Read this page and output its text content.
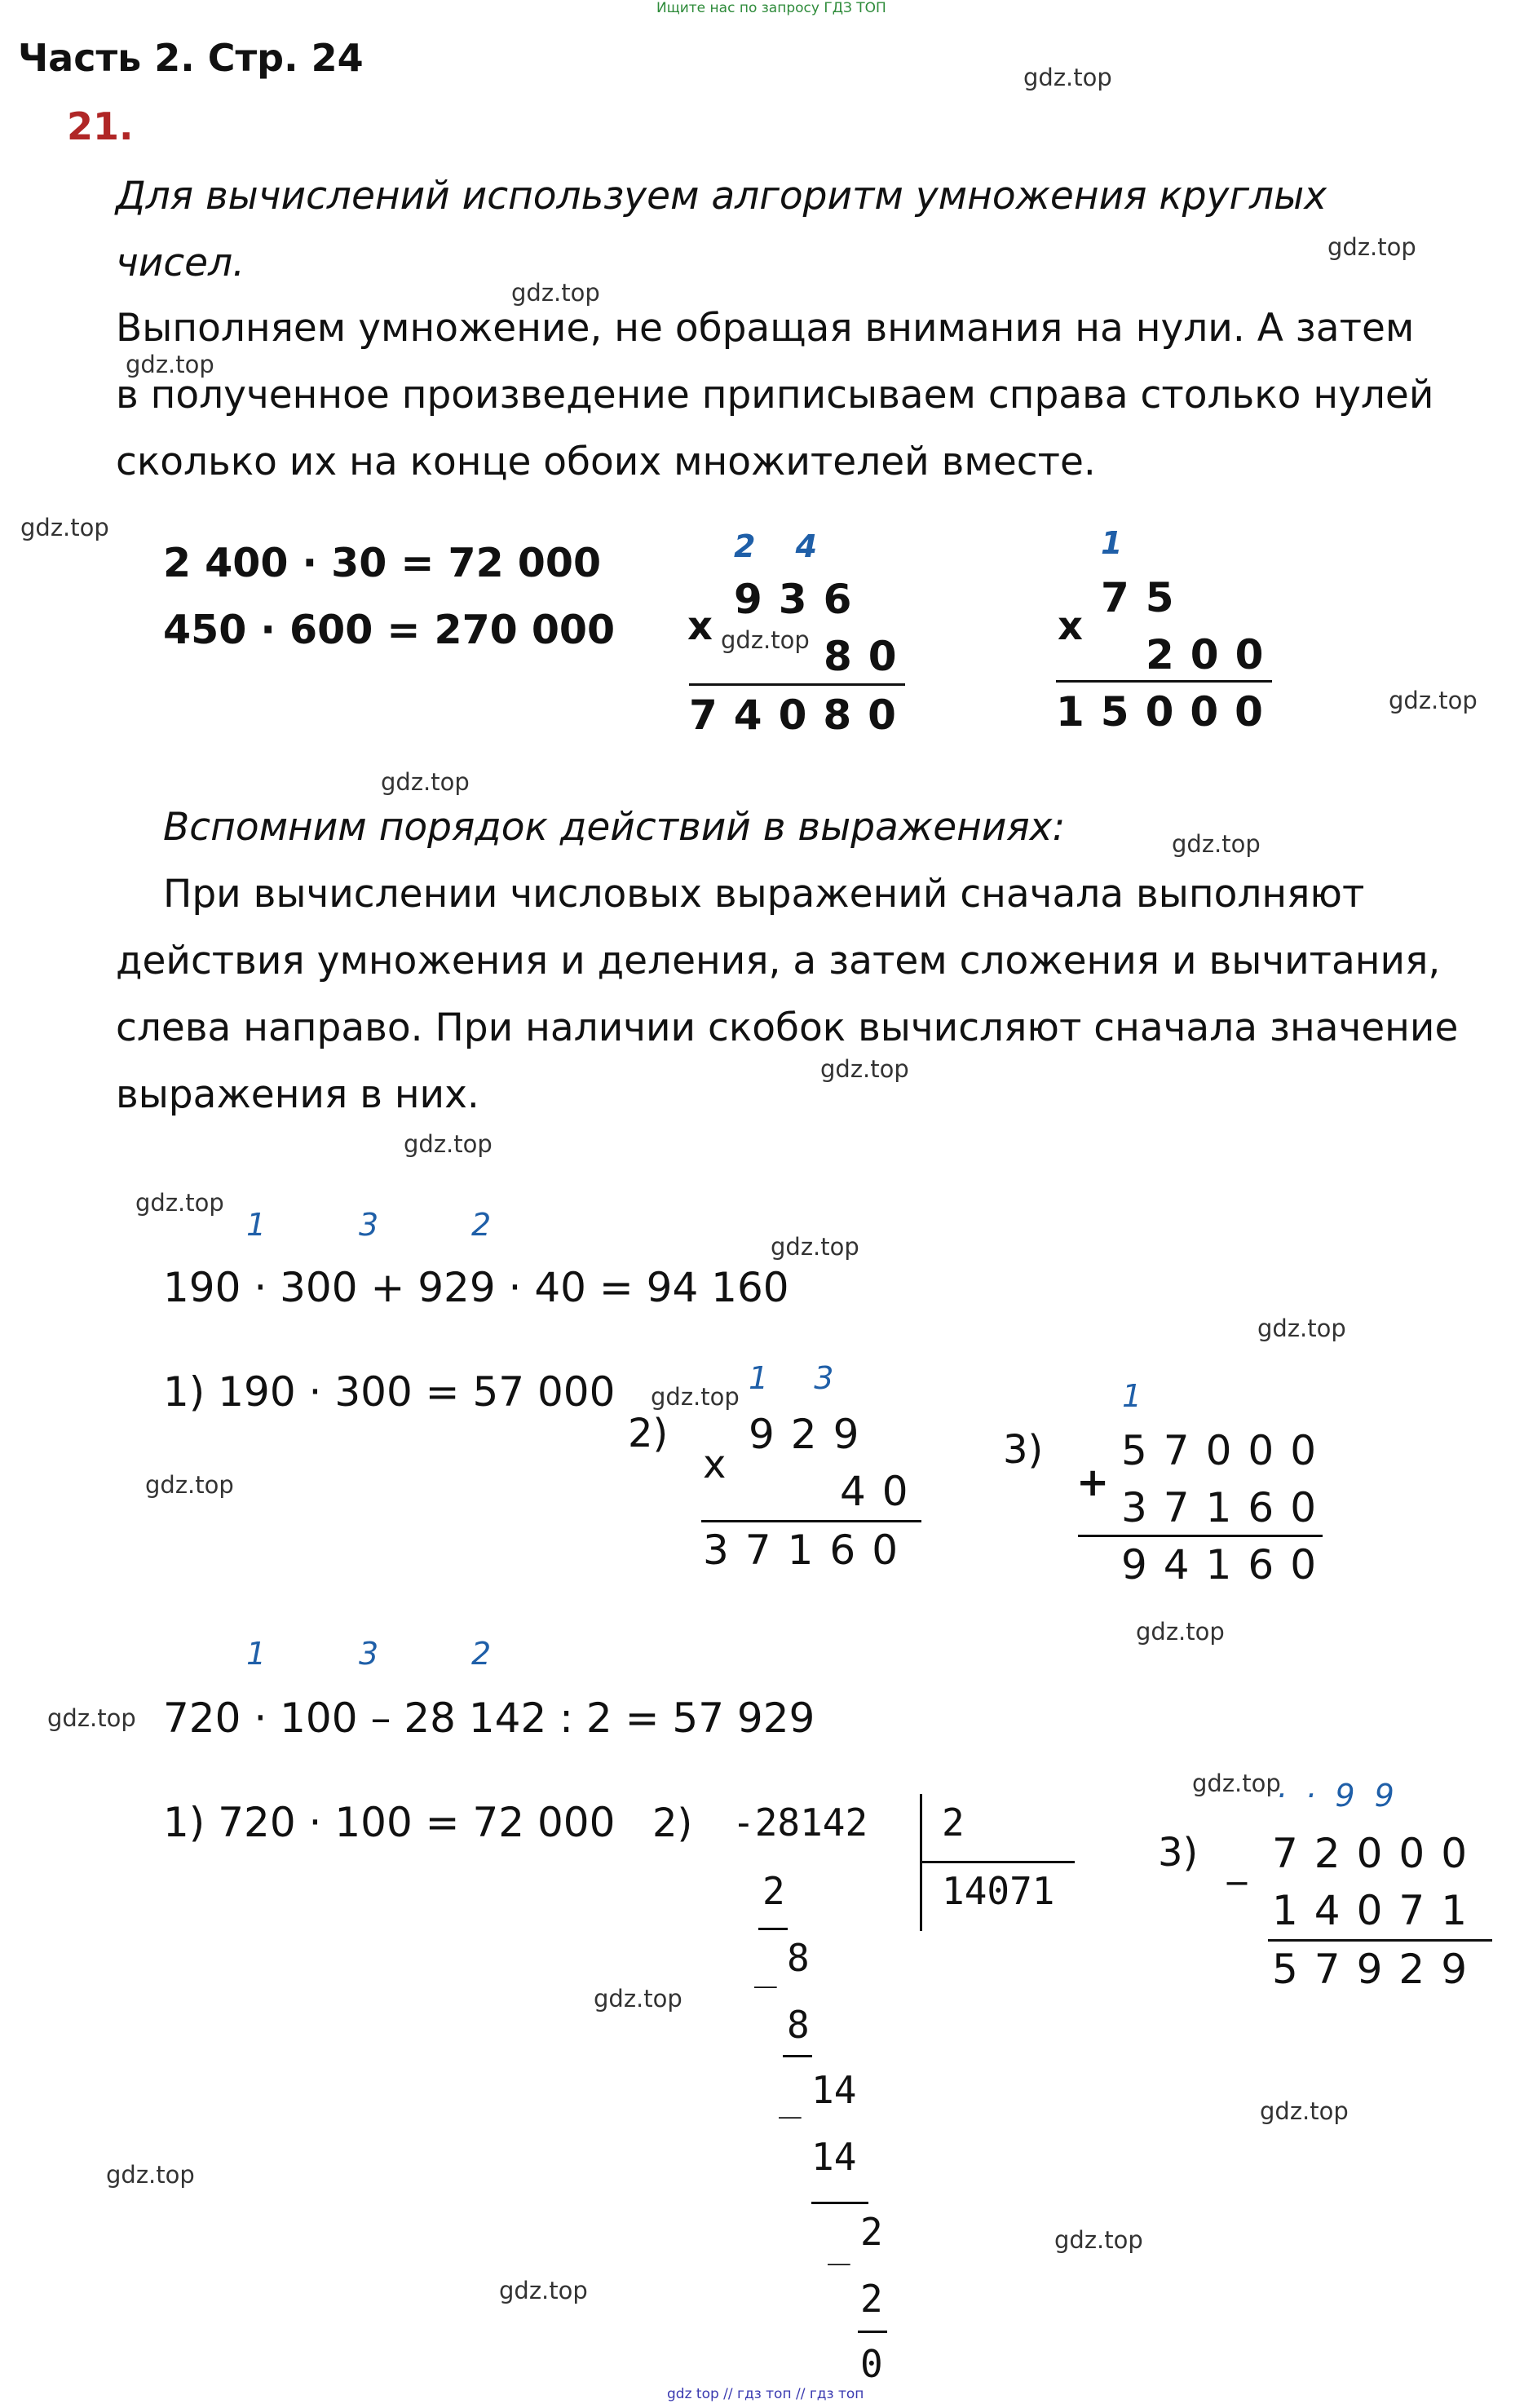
Ищите нас по запросу ГДЗ ТОП
Часть 2. Стр. 24
21.
Для вычислений используем алгоритм умножения круглых чисел.
Выполняем умножение, не обращая внимания на нули. А затем в полученное произведение приписываем справа столько нулей сколько их на конце обоих множителей вместе.
2 400 · 30 = 72 000
450 · 600 = 270 000
2 4
936
x
80
74080
1
75
x
200
15000
Вспомним порядок действий в выражениях:
При вычислении числовых выражений сначала выполняют действия умножения и деления, а затем сложения и вычитания, слева направо. При наличии скобок вычисляют сначала значение выражения в них.
1	3	2
190 · 300 + 929 · 40 = 94 160
1) 190 · 300 = 57 000
2)
1 3
929
x
40
37160
3)
1
57000
+
37160
94160
1	3	2
720 · 100 – 28 142 : 2 = 57 929
1) 720 · 100 = 72 000 2) -28142 2
14071
2
_ 8
8
_ 14
14
_ 2
2
0
· · 9 9
3) 72000
_
14071
57929
gdz.top
gdz.top
gdz.top
gdz.top
gdz.top
gdz.top
gdz.top
gdz.top
gdz.top
gdz.top
gdz.top
gdz.top
gdz.top
gdz.top
gdz.top
gdz.top
gdz.top
gdz.top
gdz.top
gdz.top
gdz.top
gdz.top
gdz.top
gdz.top
gdz top // гдз топ // гдз топ
